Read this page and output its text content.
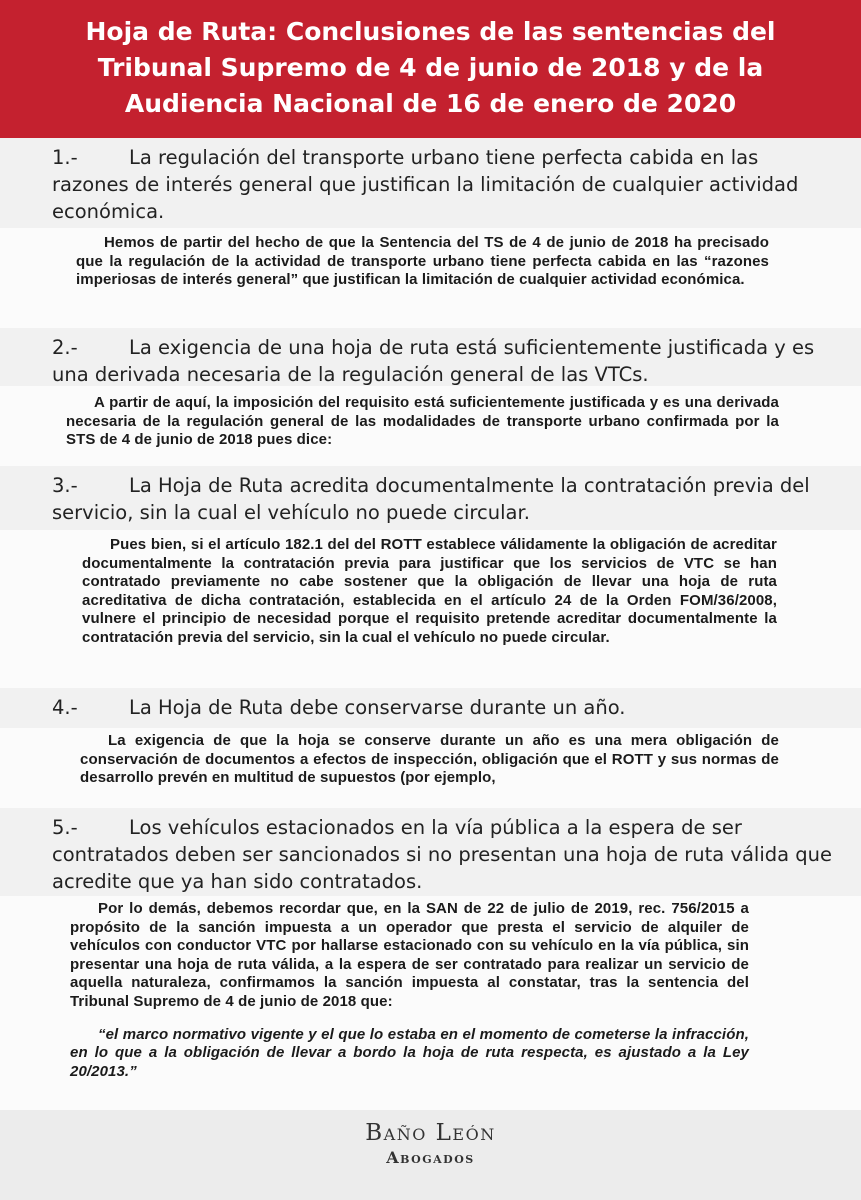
Hoja de Ruta: Conclusiones de las sentencias del
Tribunal Supremo de 4 de junio de 2018 y de la
Audiencia Nacional de 16 de enero de 2020
1.-	La regulación del transporte urbano tiene perfecta cabida en las razones de interés general que justifican la limitación de cualquier actividad económica.

Hemos de partir del hecho de que la Sentencia del TS de 4 de junio de 2018 ha precisado que la regulación de la actividad de transporte urbano tiene perfecta cabida en las “razones imperiosas de interés general” que justifican la limitación de cualquier actividad económica.

2.-	La exigencia de una hoja de ruta está suficientemente justificada y es una derivada necesaria de la regulación general de las VTCs.

A partir de aquí, la imposición del requisito está suficientemente justificada y es una derivada necesaria de la regulación general de las modalidades de transporte urbano confirmada por la STS de 4 de junio de 2018 pues dice:

3.-	La Hoja de Ruta acredita documentalmente la contratación previa del servicio, sin la cual el vehículo no puede circular.

Pues bien, si el artículo 182.1 del del ROTT establece válidamente la obligación de acreditar documentalmente la contratación previa para justificar que los servicios de VTC se han contratado previamente no cabe sostener que la obligación de llevar una hoja de ruta acreditativa de dicha contratación, establecida en el artículo 24 de la Orden FOM/36/2008, vulnere el principio de necesidad porque el requisito pretende acreditar documentalmente la contratación previa del servicio, sin la cual el vehículo no puede circular.

4.-	La Hoja de Ruta debe conservarse durante un año.

La exigencia de que la hoja se conserve durante un año es una mera obligación de conservación de documentos a efectos de inspección, obligación que el ROTT y sus normas de desarrollo prevén en multitud de supuestos (por ejemplo,

5.-	Los vehículos estacionados en la vía pública a la espera de ser contratados deben ser sancionados si no presentan una hoja de ruta válida que acredite que ya han sido contratados.

Por lo demás, debemos recordar que, en la SAN de 22 de julio de 2019, rec. 756/2015 a propósito de la sanción impuesta a un operador que presta el servicio de alquiler de vehículos con conductor VTC por hallarse estacionado con su vehículo en la vía pública, sin presentar una hoja de ruta válida, a la espera de ser contratado para realizar un servicio de aquella naturaleza, confirmamos la sanción impuesta al constatar, tras la sentencia del Tribunal Supremo de 4 de junio de 2018 que:

“el marco normativo vigente y el que lo estaba en el momento de cometerse la infracción, en lo que a la obligación de llevar a bordo la hoja de ruta respecta, es ajustado a la Ley 20/2013.”

Baño León
Abogados
